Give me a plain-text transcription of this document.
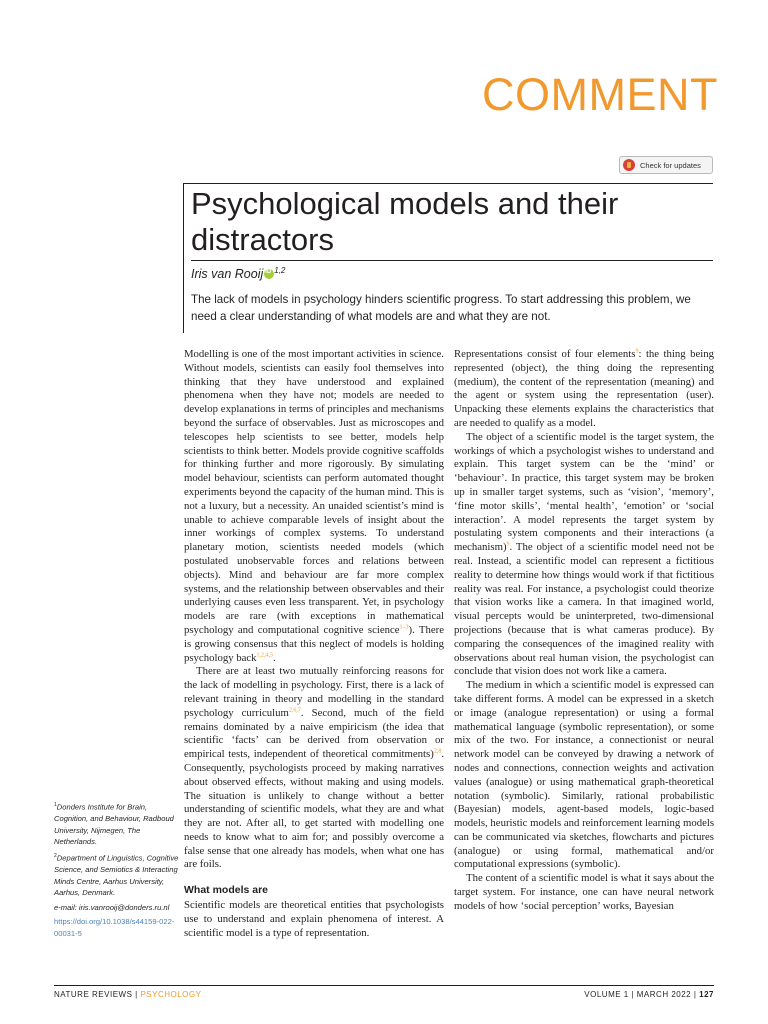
COMMENT
Check for updates
Psychological models and their distractors
Iris van RooijiD $^{1,2}$
The lack of models in psychology hinders scientific progress. To start addressing this problem, we need a clear understanding of what models are and what they are not.

Modelling is one of the most important activities in science. Without models, scientists can easily fool themselves into thinking that they have understood and explained phenomena when they have not; models are needed to develop explanations in terms of principles and mechanisms beyond the surface of observables. Just as microscopes and telescopes help scientists to see better, models help scientists to think better. Models provide cognitive scaffolds for thinking further and more rigorously. By simulating model behaviour, scientists can perform automated thought experiments beyond the capacity of the human mind. This is not a luxury, but a necessity. An unaided scientist’s mind is unable to achieve comparable levels of insight about the inner workings of complex systems. To understand planetary motion, scientists needed models (which postulated unobservable forces and relations between objects). Mind and behaviour are far more complex systems, and the relationship between observables and their underlying causes even less transparent. Yet, in psychology models are rare (with exceptions in mathematical psychology and computational cognitive science$^{1-3}$). There is growing consensus that this neglect of models is holding psychology back$^{1,2,4,5}$.

There are at least two mutually reinforcing reasons for the lack of modelling in psychology. First, there is a lack of relevant training in theory and modelling in the standard psychology curriculum$^{2,6,7}$. Second, much of the field remains dominated by a naive empiricism (the idea that scientific ‘facts’ can be derived from observation or empirical tests, independent of theoretical commitments)$^{2,8}$. Consequently, psychologists proceed by making narratives about observed effects, without making and using models. The situation is unlikely to change without a better understanding of scientific models, what they are and what they are not. After all, to get started with modelling one needs to know what to aim for; and possibly overcome a false sense that one already has models, when what one has are foils.

What models are

Scientific models are theoretical entities that psychologists use to understand and explain phenomena of interest. A scientific model is a type of representation.

Representations consist of four elements$^9$: the thing being represented (object), the thing doing the representing (medium), the content of the representation (meaning) and the agent or system using the representation (user). Unpacking these elements explains the characteristics that are needed to qualify as a model.

The object of a scientific model is the target system, the workings of which a psychologist wishes to understand and explain. This target system can be the ‘mind’ or ‘behaviour’. In practice, this target system may be broken up in smaller target systems, such as ‘vision’, ‘memory’, ‘fine motor skills’, ‘mental health’, ‘emotion’ or ‘social interaction’. A model represents the target system by postulating system components and their interactions (a mechanism)$^9$. The object of a scientific model need not be real. Instead, a scientific model can represent a fictitious reality to determine how things would work if that fictitious reality was real. For instance, a psychologist could theorize that vision works like a camera. In that imagined world, visual percepts would be uninterpreted, two-dimensional projections (because that is what cameras produce). By comparing the consequences of the imagined reality with observations about real human vision, the psychologist can conclude that vision does not work like a camera.

The medium in which a scientific model is expressed can take different forms. A model can be expressed in a sketch or image (analogue representation) or using a formal mathematical language (symbolic representation), or some mix of the two. For instance, a connectionist or neural network model can be conveyed by drawing a network of nodes and connections, connection weights and activation values (analogue) or using mathematical graph-theoretical notation (symbolic). Similarly, rational probabilistic (Bayesian) models, agent-based models, logic-based models, heuristic models and reinforcement learning models can be communicated via sketches, flowcharts and pictures (analogue) or using formal, mathematical and/or computational expressions (symbolic).

The content of a scientific model is what it says about the target system. For instance, one can have neural network models of how ‘social perception’ works, Bayesian

$^1$Donders Institute for Brain, Cognition, and Behaviour, Radboud University, Nijmegen, The Netherlands.

$^2$Department of Linguistics, Cognitive Science, and Semiotics & Interacting Minds Centre, Aarhus University, Aarhus, Denmark.

e-mail: iris.vanrooij@donders.ru.nl

https://doi.org/10.1038/s44159-022-00031-5

NATURE REVIEWS | PSYCHOLOGY	VOLUME 1 | MARCH 2022 | 127
